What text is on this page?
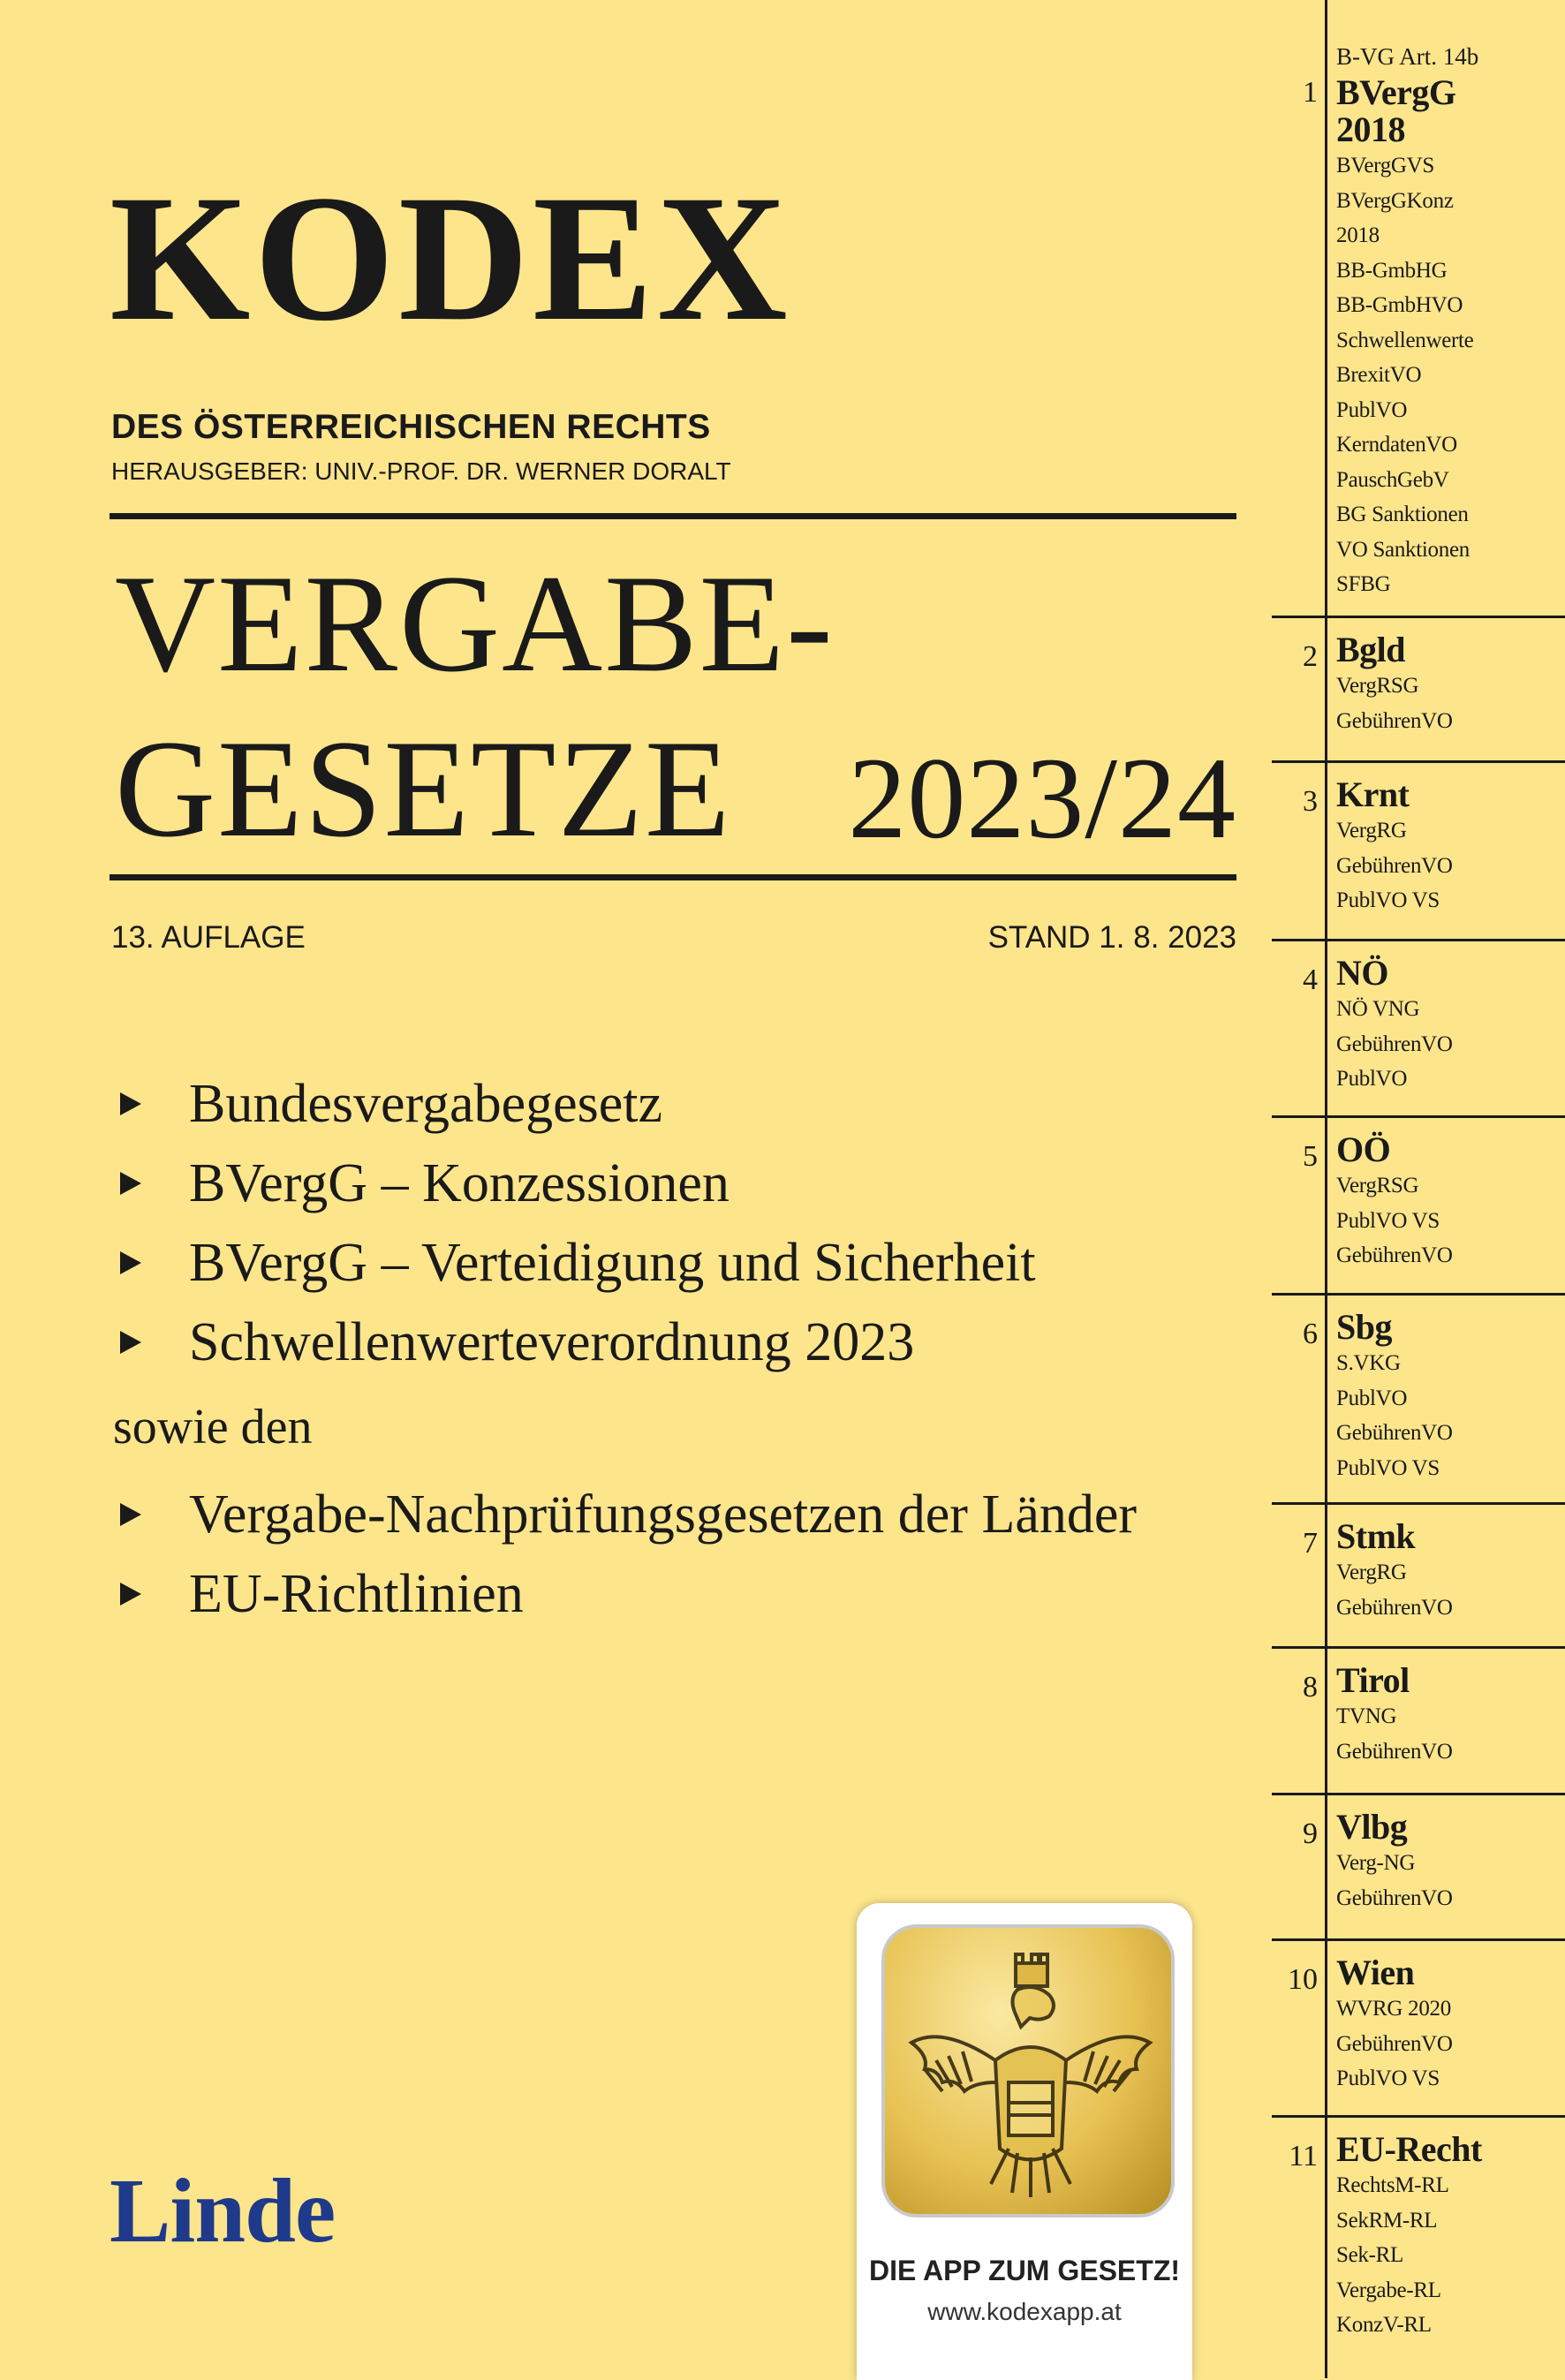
KODEX
DES ÖSTERREICHISCHEN RECHTS
HERAUSGEBER: UNIV.-PROF. DR. WERNER DORALT
VERGABE-
GESETZE 2023/24
13. AUFLAGE	STAND 1. 8. 2023
Bundesvergabegesetz
BVergG – Konzessionen
BVergG – Verteidigung und Sicherheit
Schwellenwerteverordnung 2023
sowie den
Vergabe-Nachprüfungsgesetzen der Länder
EU-Richtlinien
Linde
DIE APP ZUM GESETZ!
www.kodexapp.at
1
B-VG Art. 14b
BVergG 2018
BVergGVS
BVergGKonz
2018
BB-GmbHG
BB-GmbHVO
Schwellenwerte
BrexitVO
PublVO
KerndatenVO
PauschGebV
BG Sanktionen
VO Sanktionen
SFBG
2 Bgld
VergRSG
GebührenVO
3 Krnt
VergRG
GebührenVO
PublVO VS
4 NÖ
NÖ VNG
GebührenVO
PublVO
5 OÖ
VergRSG
PublVO VS
GebührenVO
6 Sbg
S.VKG
PublVO
GebührenVO
PublVO VS
7 Stmk
VergRG
GebührenVO
8 Tirol
TVNG
GebührenVO
9 Vlbg
Verg-NG
GebührenVO
10 Wien
WVRG 2020
GebührenVO
PublVO VS
11 EU-Recht
RechtsM-RL
SekRM-RL
Sek-RL
Vergabe-RL
KonzV-RL
